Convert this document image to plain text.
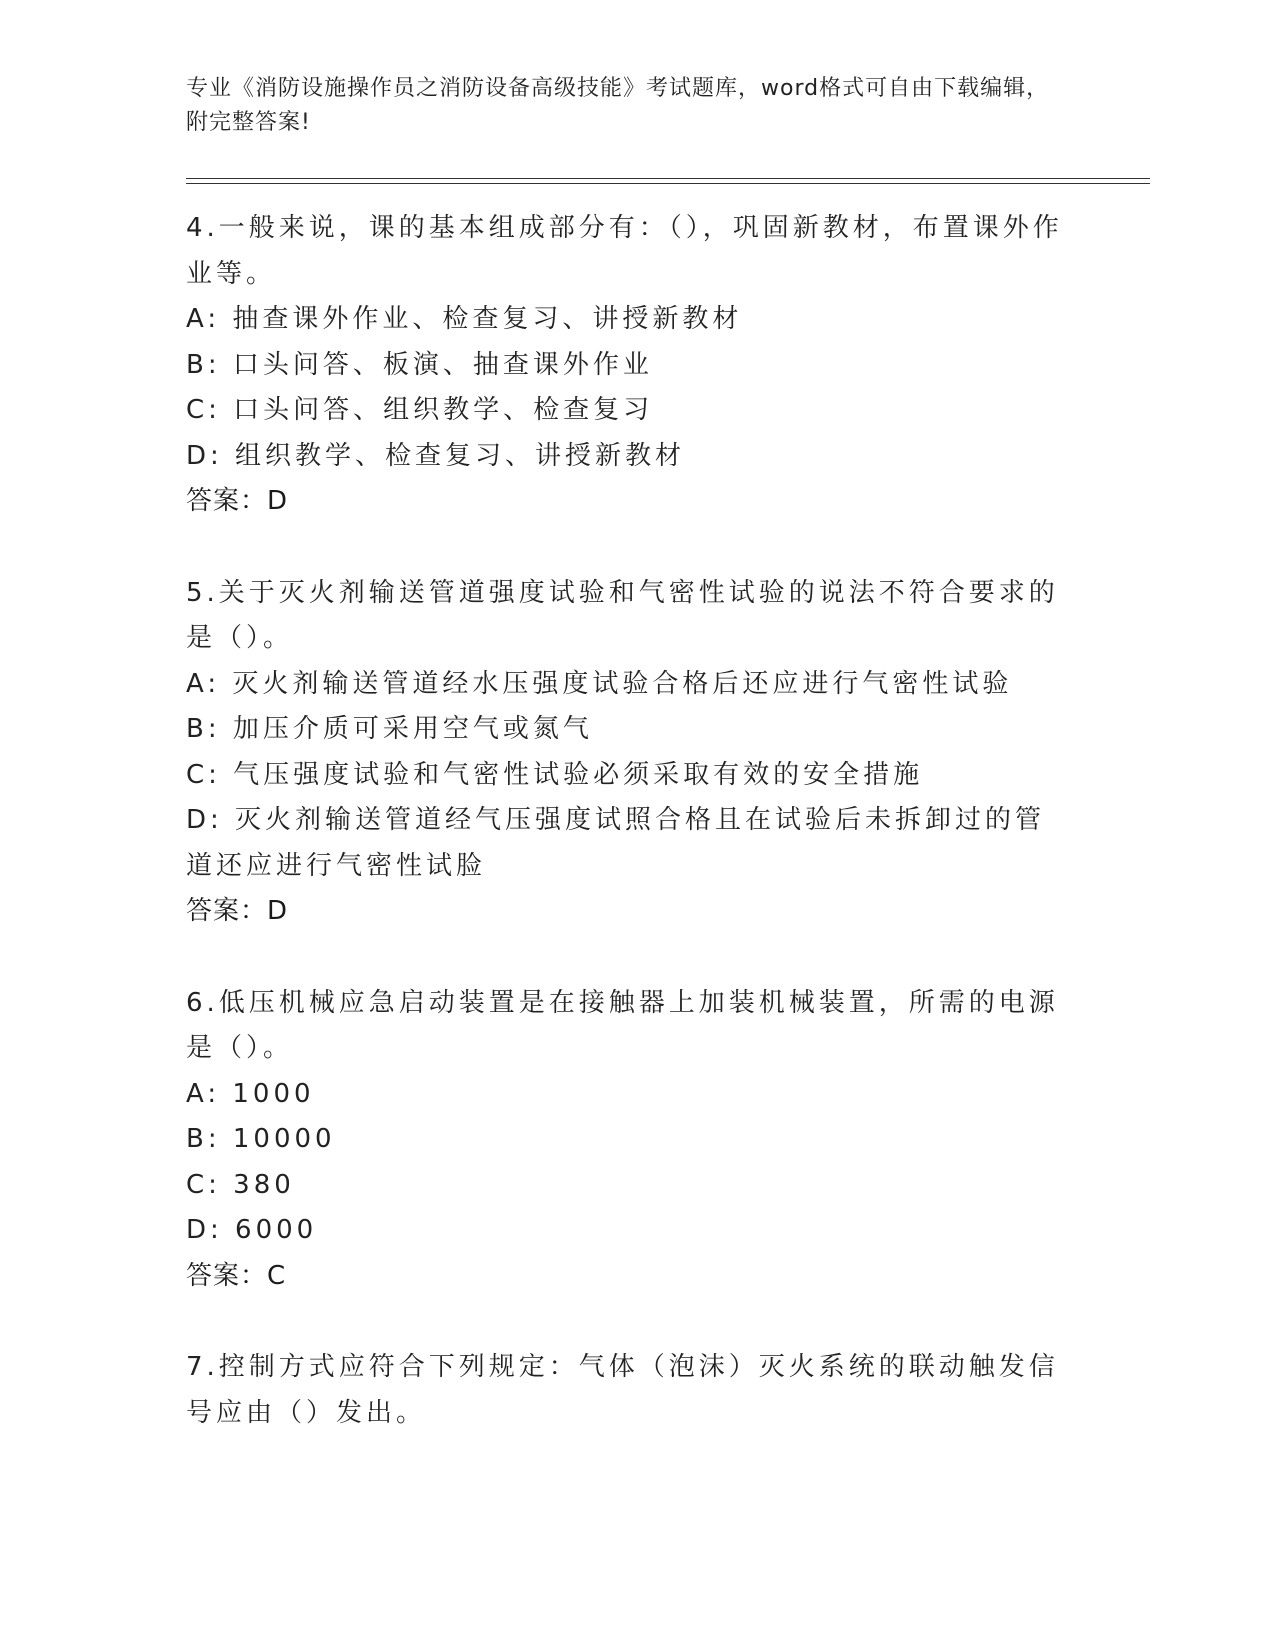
专业《消防设施操作员之消防设备高级技能》考试题库，word格式可自由下载编辑，附完整答案!

4.一般来说，课的基本组成部分有：（），巩固新教材，布置课外作业等。

A: 抽查课外作业、检查复习、讲授新教材

B: 口头问答、板演、抽查课外作业

C: 口头问答、组织教学、检查复习

D: 组织教学、检查复习、讲授新教材

答案：D

5.关于灭火剂输送管道强度试验和气密性试验的说法不符合要求的是（）。

A: 灭火剂输送管道经水压强度试验合格后还应进行气密性试验

B: 加压介质可采用空气或氮气

C: 气压强度试验和气密性试验必须采取有效的安全措施

D: 灭火剂输送管道经气压强度试照合格且在试验后未拆卸过的管道还应进行气密性试脸

答案：D

6.低压机械应急启动装置是在接触器上加装机械装置，所需的电源是（）。

A: 1000

B: 10000

C: 380

D: 6000

答案：C

7.控制方式应符合下列规定：气体（泡沫）灭火系统的联动触发信号应由（）发出。
